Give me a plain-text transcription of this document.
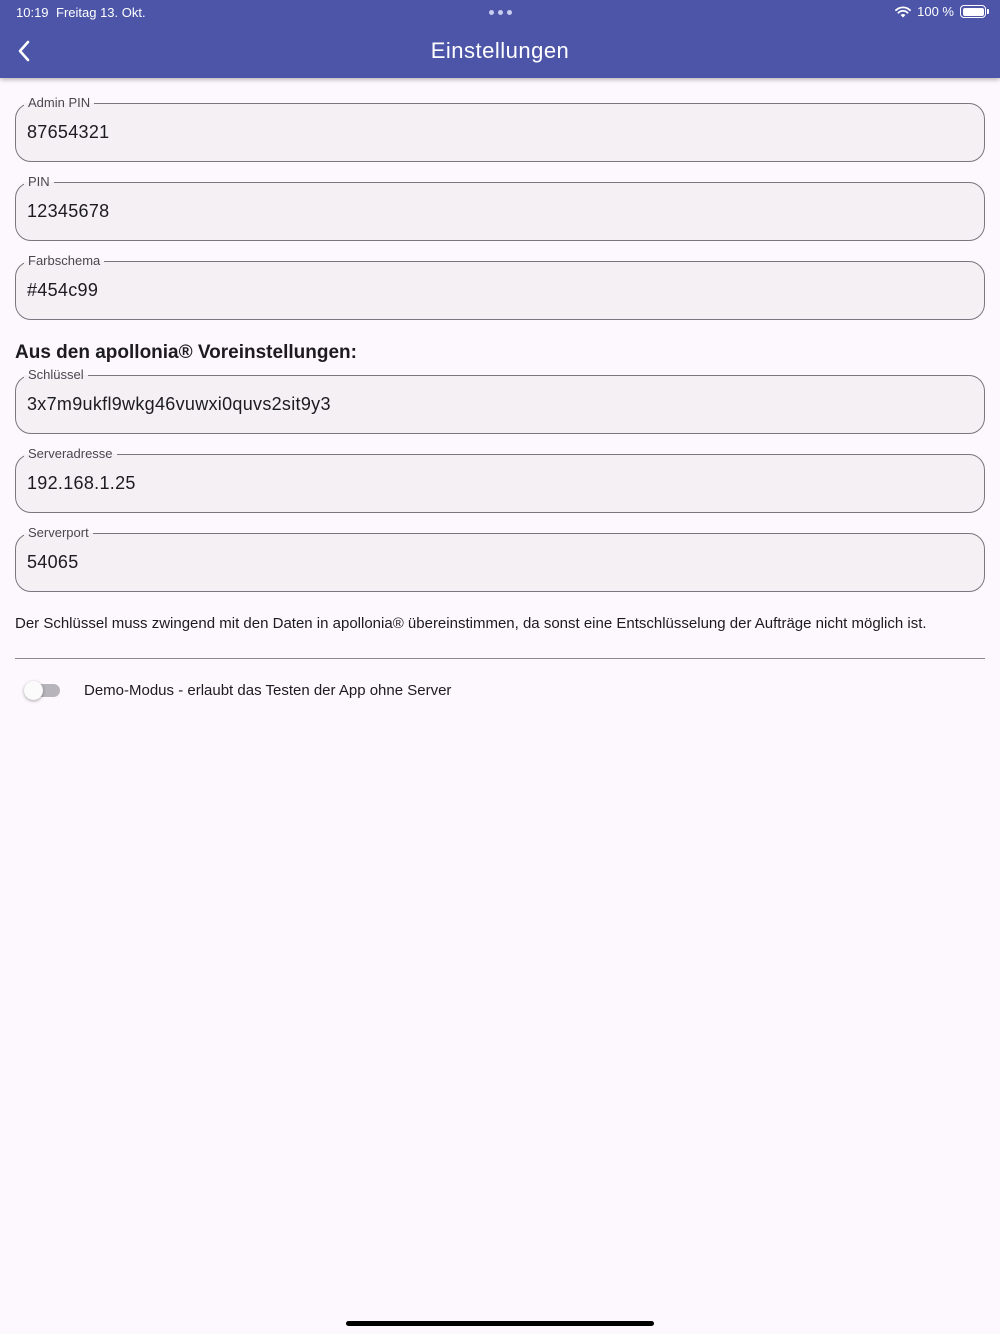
10:19 Freitag 13. Okt.	100 %
Einstellungen
Admin PIN
87654321
PIN
12345678
Farbschema
#454c99
Aus den apollonia® Voreinstellungen:
Schlüssel
3x7m9ukfl9wkg46vuwxi0quvs2sit9y3
Serveradresse
192.168.1.25
Serverport
54065
Der Schlüssel muss zwingend mit den Daten in apollonia® übereinstimmen, da sonst eine Entschlüsselung der Aufträge nicht möglich ist.
Demo-Modus - erlaubt das Testen der App ohne Server
